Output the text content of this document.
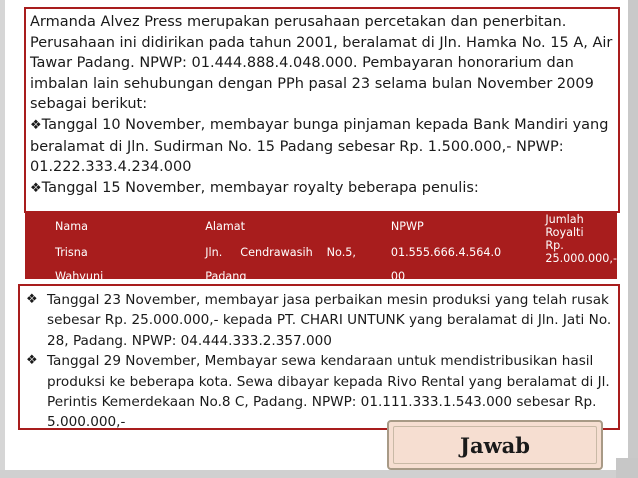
Armanda Alvez Press merupakan perusahaan percetakan dan penerbitan. Perusahaan ini didirikan pada tahun 2001, beralamat di Jln. Hamka No. 15 A, Air Tawar Padang. NPWP: 01.444.888.4.048.000. Pembayaran honorarium dan imbalan lain sehubungan dengan PPh pasal 23 selama bulan November 2009 sebagai berikut:

❖Tanggal 10 November, membayar bunga pinjaman kepada Bank Mandiri yang beralamat di Jln. Sudirman No. 15 Padang sebesar Rp. 1.500.000,- NPWP: 01.222.333.4.234.000

❖Tanggal 15 November, membayar royalty beberapa penulis:

Nama	Alamat	NPWP	Jumlah Royalti
Trisna	Jln. Cendrawasih No.5,	01.555.666.4.564.0	Rp. 25.000.000,-
Wahyuni	Padang	00	
❖ Tanggal 23 November, membayar jasa perbaikan mesin produksi yang telah rusak sebesar Rp. 25.000.000,- kepada PT. CHARI UNTUNK yang beralamat di Jln. Jati No. 28, Padang. NPWP: 04.444.333.2.357.000
❖ Tanggal 29 November, Membayar sewa kendaraan untuk mendistribusikan hasil produksi ke beberapa kota. Sewa dibayar kepada Rivo Rental yang beralamat di Jl. Perintis Kemerdekaan No.8 C, Padang. NPWP: 01.111.333.1.543.000 sebesar Rp. 5.000.000,-
Jawab
